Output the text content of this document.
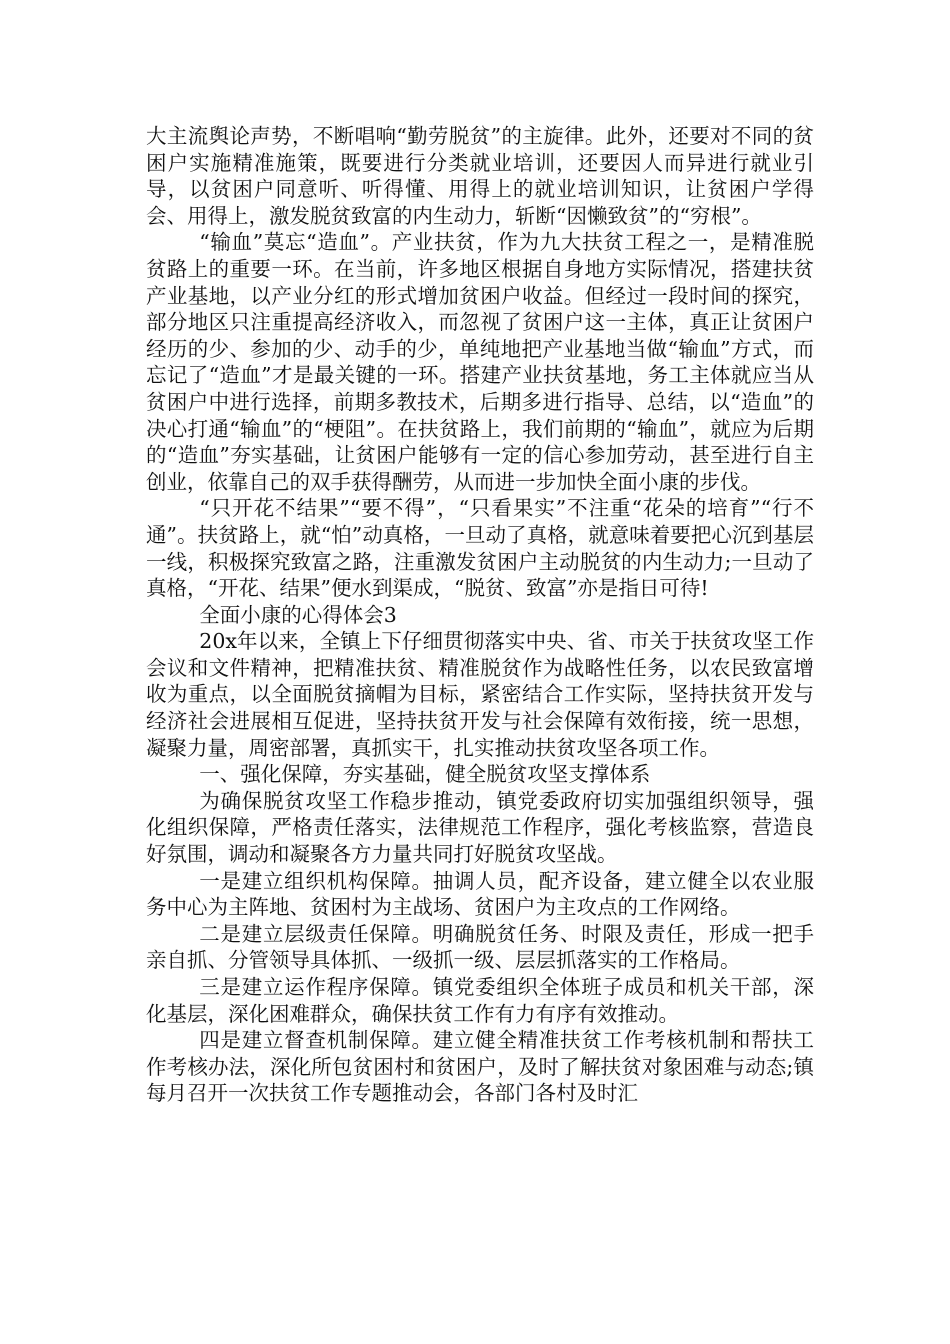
大主流舆论声势，不断唱响“勤劳脱贫”的主旋律。此外，还要对不同的贫困户实施精准施策，既要进行分类就业培训，还要因人而异进行就业引导，以贫困户同意听、听得懂、用得上的就业培训知识，让贫困户学得会、用得上，激发脱贫致富的内生动力，斩断“因懒致贫”的“穷根”。

“输血”莫忘“造血”。产业扶贫，作为九大扶贫工程之一，是精准脱贫路上的重要一环。在当前，许多地区根据自身地方实际情况，搭建扶贫产业基地，以产业分红的形式增加贫困户收益。但经过一段时间的探究，部分地区只注重提高经济收入，而忽视了贫困户这一主体，真正让贫困户经历的少、参加的少、动手的少，单纯地把产业基地当做“输血”方式，而忘记了“造血”才是最关键的一环。搭建产业扶贫基地，务工主体就应当从贫困户中进行选择，前期多教技术，后期多进行指导、总结，以“造血”的决心打通“输血”的“梗阻”。在扶贫路上，我们前期的“输血”，就应为后期的“造血”夯实基础，让贫困户能够有一定的信心参加劳动，甚至进行自主创业，依靠自己的双手获得酬劳，从而进一步加快全面小康的步伐。

“只开花不结果”“要不得”，“只看果实”不注重“花朵的培育”“行不通”。扶贫路上，就“怕”动真格，一旦动了真格，就意味着要把心沉到基层一线，积极探究致富之路，注重激发贫困户主动脱贫的内生动力;一旦动了真格，“开花、结果”便水到渠成，“脱贫、致富”亦是指日可待!

全面小康的心得体会3

20x年以来，全镇上下仔细贯彻落实中央、省、市关于扶贫攻坚工作会议和文件精神，把精准扶贫、精准脱贫作为战略性任务，以农民致富增收为重点，以全面脱贫摘帽为目标，紧密结合工作实际，坚持扶贫开发与经济社会进展相互促进，坚持扶贫开发与社会保障有效衔接，统一思想，凝聚力量，周密部署，真抓实干，扎实推动扶贫攻坚各项工作。

一、强化保障，夯实基础，健全脱贫攻坚支撑体系

为确保脱贫攻坚工作稳步推动，镇党委政府切实加强组织领导，强化组织保障，严格责任落实，法律规范工作程序，强化考核监察，营造良好氛围，调动和凝聚各方力量共同打好脱贫攻坚战。

一是建立组织机构保障。抽调人员，配齐设备，建立健全以农业服务中心为主阵地、贫困村为主战场、贫困户为主攻点的工作网络。

二是建立层级责任保障。明确脱贫任务、时限及责任，形成一把手亲自抓、分管领导具体抓、一级抓一级、层层抓落实的工作格局。

三是建立运作程序保障。镇党委组织全体班子成员和机关干部，深化基层，深化困难群众，确保扶贫工作有力有序有效推动。

四是建立督查机制保障。建立健全精准扶贫工作考核机制和帮扶工作考核办法，深化所包贫困村和贫困户，及时了解扶贫对象困难与动态;镇每月召开一次扶贫工作专题推动会，各部门各村及时汇
